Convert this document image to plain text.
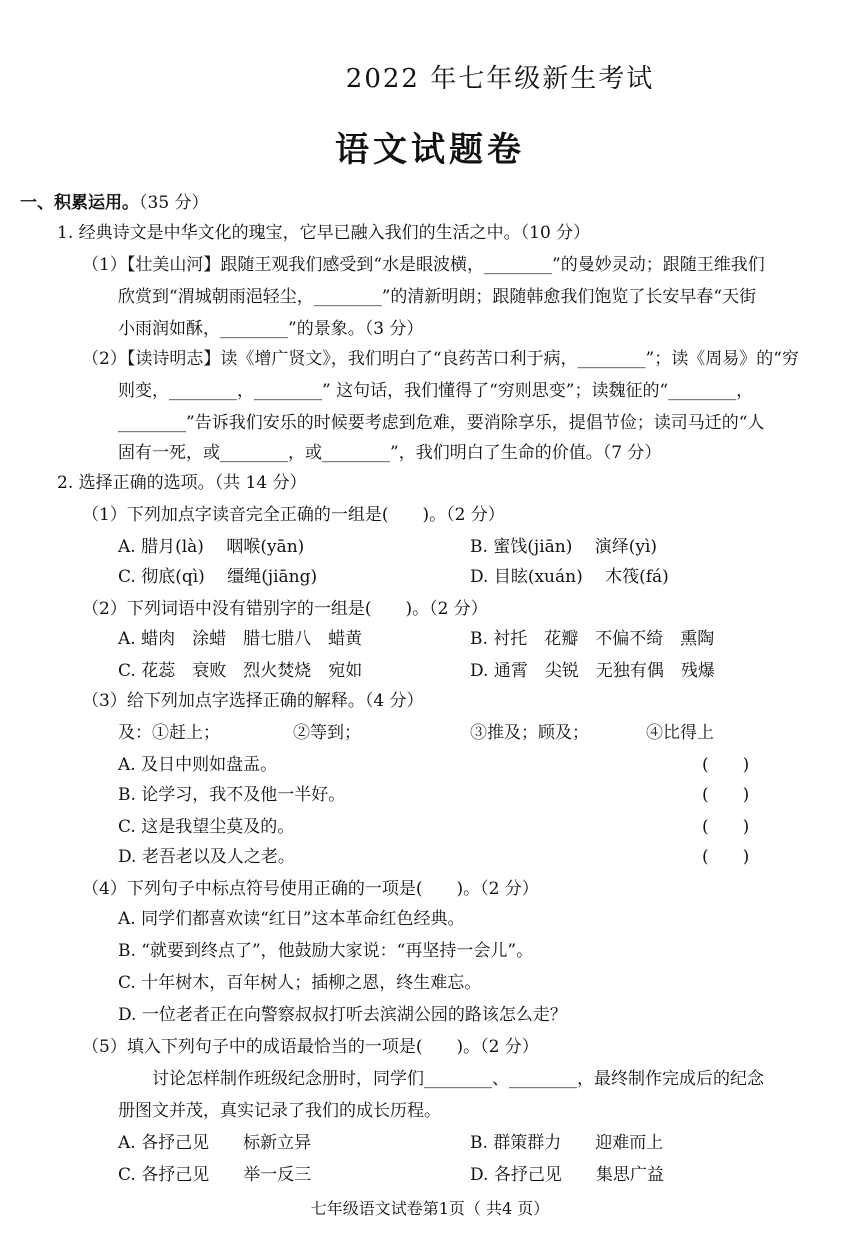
2022 年七年级新生考试
语文试题卷
一、积累运用。（35 分）
1. 经典诗文是中华文化的瑰宝，它早已融入我们的生活之中。（10 分）
（1）【壮美山河】跟随王观我们感受到“水是眼波横，________”的曼妙灵动；跟随王维我们
欣赏到“渭城朝雨浥轻尘，________”的清新明朗；跟随韩愈我们饱览了长安早春“天街
小雨润如酥，________”的景象。（3 分）
（2）【读诗明志】读《增广贤文》，我们明白了“良药苦口利于病，________”；读《周易》的“穷
则变，________，________” 这句话，我们懂得了“穷则思变”；读魏征的“________，
________”告诉我们安乐的时候要考虑到危难，要消除享乐，提倡节俭；读司马迁的“人
固有一死，或________，或________”，我们明白了生命的价值。（7 分）
2. 选择正确的选项。（共 14 分）
（1）下列加点字读音完全正确的一组是(　　)。（2 分）
A. 腊月(là)　 咽喉(yān)	B. 蜜饯(jiān)　 演绎(yì)
C. 彻底(qì)　 缰绳(jiāng)	D. 目眩(xuán)　 木筏(fá)
（2）下列词语中没有错别字的一组是(　　)。（2 分）
A. 蜡肉　涂蜡　腊七腊八　蜡黄	B. 衬托　花瓣　不偏不绮　熏陶
C. 花蕊　衰败　烈火焚烧　宛如	D. 通霄　尖锐　无独有偶　残爆
（3）给下列加点字选择正确的解释。（4 分）
及： ①赶上；	②等到；	③推及；顾及；	④比得上
A. 及日中则如盘盂。	(　　)
B. 论学习，我不及他一半好。	(　　)
C. 这是我望尘莫及的。	(　　)
D. 老吾老以及人之老。	(　　)
（4）下列句子中标点符号使用正确的一项是(　　)。（2 分）
A. 同学们都喜欢读“红日”这本革命红色经典。
B. “就要到终点了”，他鼓励大家说：“再坚持一会儿”。
C. 十年树木，百年树人；插柳之恩，终生难忘。
D. 一位老者正在向警察叔叔打听去滨湖公园的路该怎么走？
（5）填入下列句子中的成语最恰当的一项是(　　)。（2 分）
讨论怎样制作班级纪念册时，同学们________、________，最终制作完成后的纪念
册图文并茂，真实记录了我们的成长历程。
A. 各抒己见　　标新立异	B. 群策群力　　迎难而上
C. 各抒己见　　举一反三	D. 各抒己见　　集思广益
七年级语文试卷第1页（ 共4 页）
